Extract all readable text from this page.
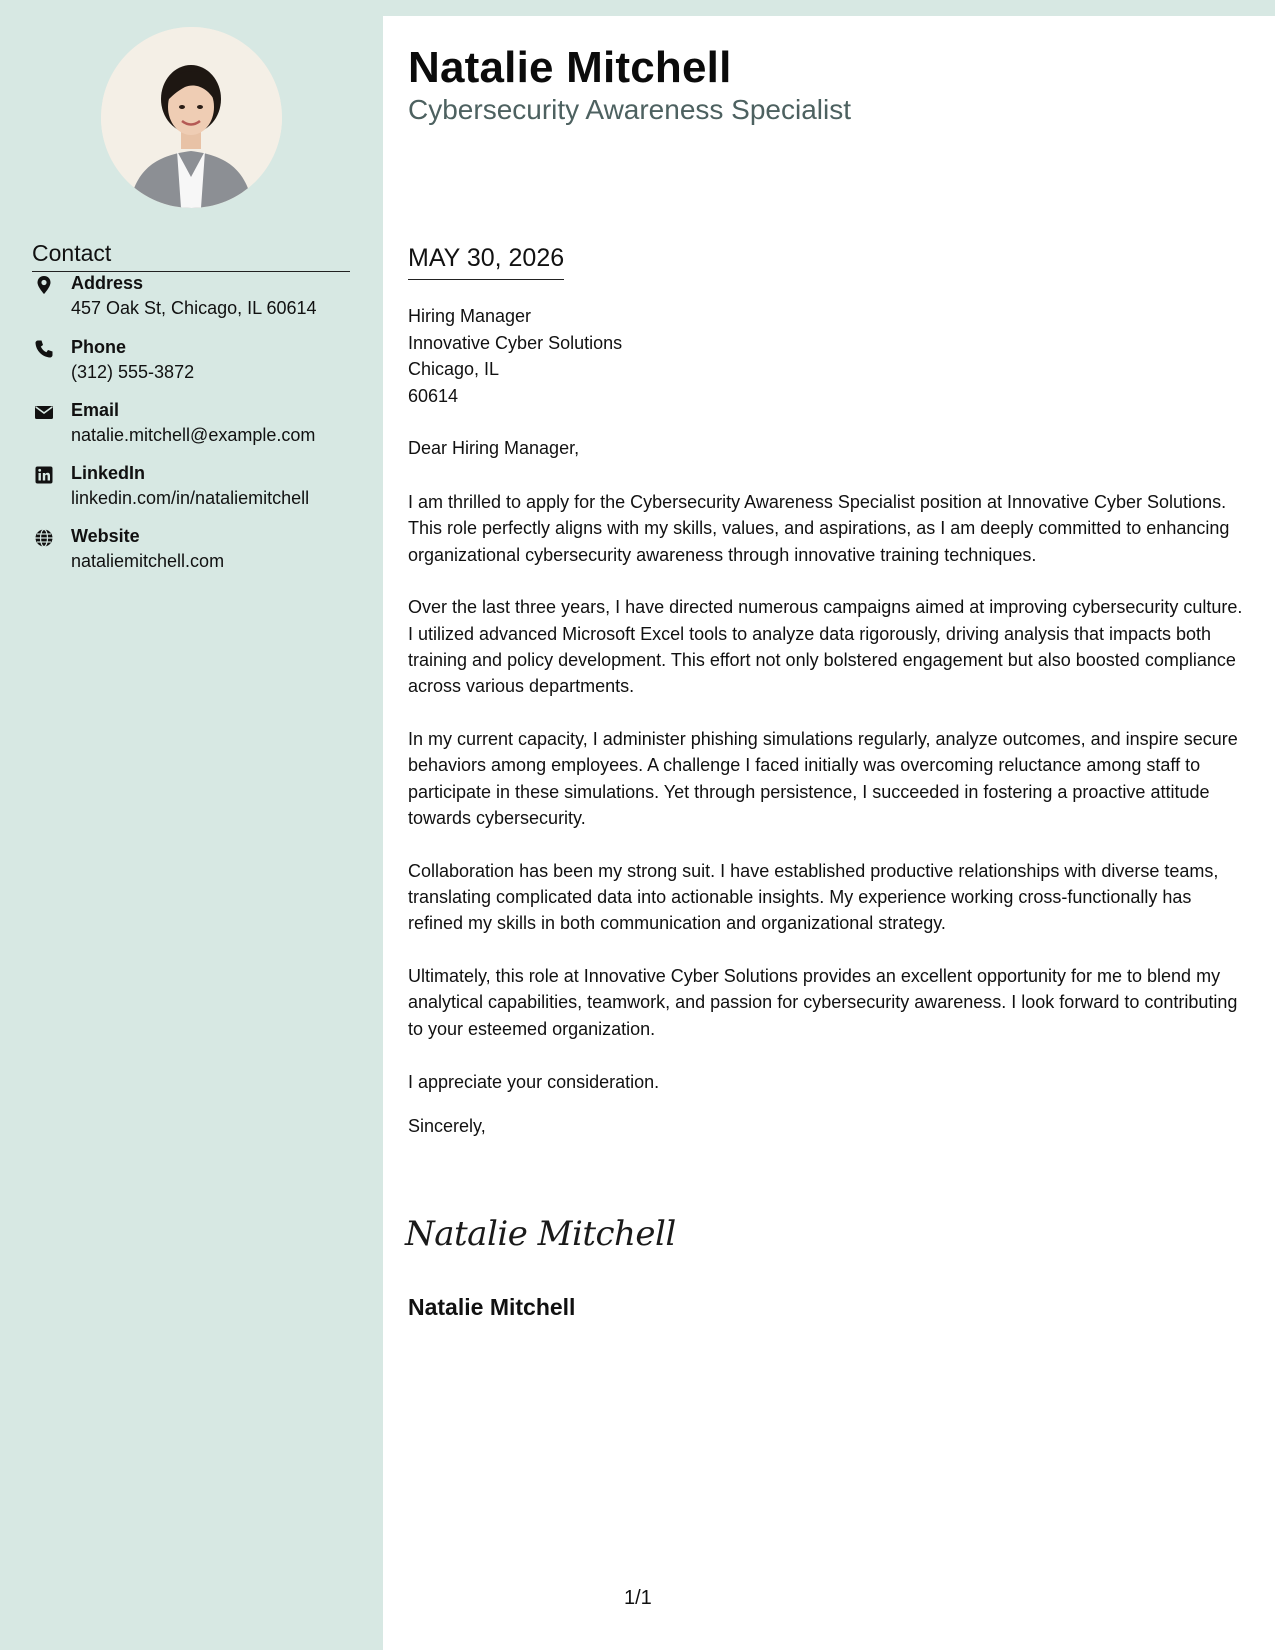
Contact
Address
457 Oak St, Chicago, IL 60614
Phone
(312) 555-3872
Email
natalie.mitchell@example.com
LinkedIn
linkedin.com/in/nataliemitchell
Website
nataliemitchell.com
Natalie Mitchell
Cybersecurity Awareness Specialist
MAY 30, 2026
Hiring Manager
Innovative Cyber Solutions
Chicago, IL
60614
Dear Hiring Manager,

I am thrilled to apply for the Cybersecurity Awareness Specialist position at Innovative Cyber Solutions. This role perfectly aligns with my skills, values, and aspirations, as I am deeply committed to enhancing organizational cybersecurity awareness through innovative training techniques.

Over the last three years, I have directed numerous campaigns aimed at improving cybersecurity culture. I utilized advanced Microsoft Excel tools to analyze data rigorously, driving analysis that impacts both training and policy development. This effort not only bolstered engagement but also boosted compliance across various departments.

In my current capacity, I administer phishing simulations regularly, analyze outcomes, and inspire secure behaviors among employees. A challenge I faced initially was overcoming reluctance among staff to participate in these simulations. Yet through persistence, I succeeded in fostering a proactive attitude towards cybersecurity.

Collaboration has been my strong suit. I have established productive relationships with diverse teams, translating complicated data into actionable insights. My experience working cross-functionally has refined my skills in both communication and organizational strategy.

Ultimately, this role at Innovative Cyber Solutions provides an excellent opportunity for me to blend my analytical capabilities, teamwork, and passion for cybersecurity awareness. I look forward to contributing to your esteemed organization.

I appreciate your consideration.

Sincerely,
Natalie Mitchell
Natalie Mitchell
1/1
